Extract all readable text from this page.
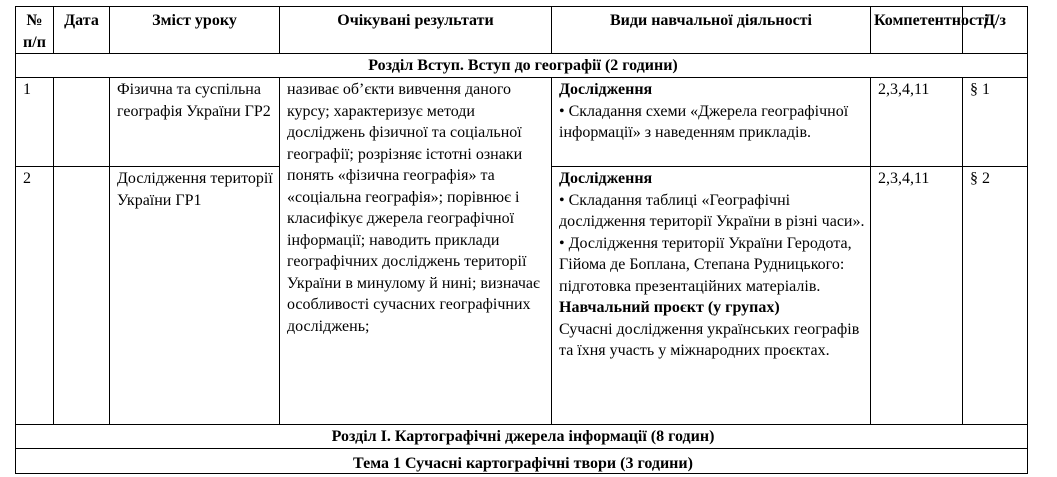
№ п/п	Дата	Зміст уроку	Очікувані результати	Види навчальної діяльності	Компетентності	Д/з
Розділ Вступ. Вступ до географії (2 години)						
1		Фізична та суспільна географія України ГР2	називає об’єкти вивчення даного курсу; характеризує методи досліджень фізичної та соціальної географії; розрізняє істотні ознаки понять «фізична географія» та «соціальна географія»; порівнює і класифікує джерела географічної інформації; наводить приклади географічних досліджень території України в минулому й нині; визначає особливості сучасних географічних досліджень;	Дослідження
• Складання схеми «Джерела географічної інформації» з наведенням прикладів.	2,3,4,11	§ 1
2		Дослідження території України ГР1		Дослідження
• Складання таблиці «Географічні дослідження території України в різні часи».
• Дослідження території України Геродота, Гійома де Боплана, Степана Рудницького: підготовка презентаційних матеріалів.
Навчальний проєкт (у групах)
Сучасні дослідження українських географів та їхня участь у міжнародних проєктах.	2,3,4,11	§ 2
Розділ І. Картографічні джерела інформації (8 годин)						

Тема 1 Сучасні картографічні твори (3 години)						
